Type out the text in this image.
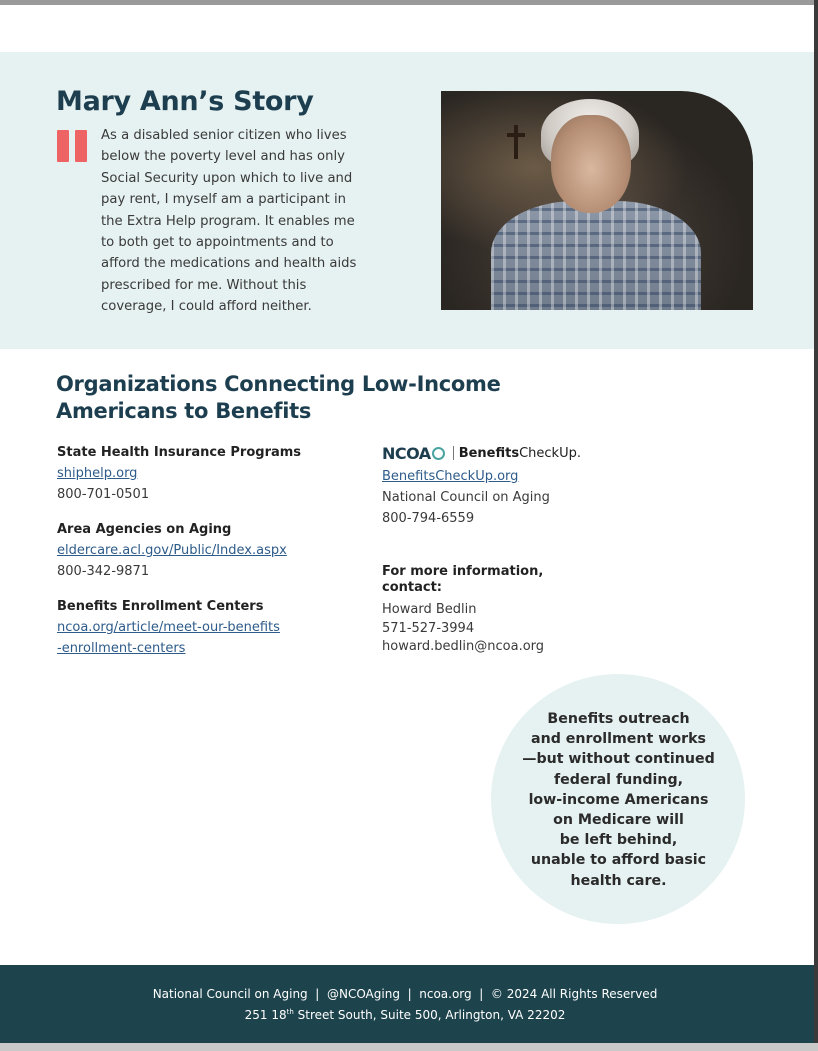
Mary Ann’s Story

As a disabled senior citizen who lives below the poverty level and has only Social Security upon which to live and pay rent, I myself am a participant in the Extra Help program. It enables me to both get to appointments and to afford the medications and health aids prescribed for me. Without this coverage, I could afford neither.

Organizations Connecting Low-Income Americans to Benefits

State Health Insurance Programs

shiphelp.org

800-701-0501

Area Agencies on Aging

eldercare.acl.gov/Public/Index.aspx

800-342-9871

Benefits Enrollment Centers

ncoa.org/article/meet-our-benefits
-enrollment-centers
NCOA Benefits CheckUp.
BenefitsCheckUp.org

National Council on Aging

800-794-6559

For more information,

contact:

Howard Bedlin

571-527-3994

howard.bedlin@ncoa.org

Benefits outreach
and enrollment works
—but without continued
federal funding,
low-income Americans
on Medicare will
be left behind,
unable to afford basic
health care.

National Council on Aging  |  @NCOAging  |  ncoa.org  |  © 2024 All Rights Reserved

251 18th Street South, Suite 500, Arlington, VA 22202
